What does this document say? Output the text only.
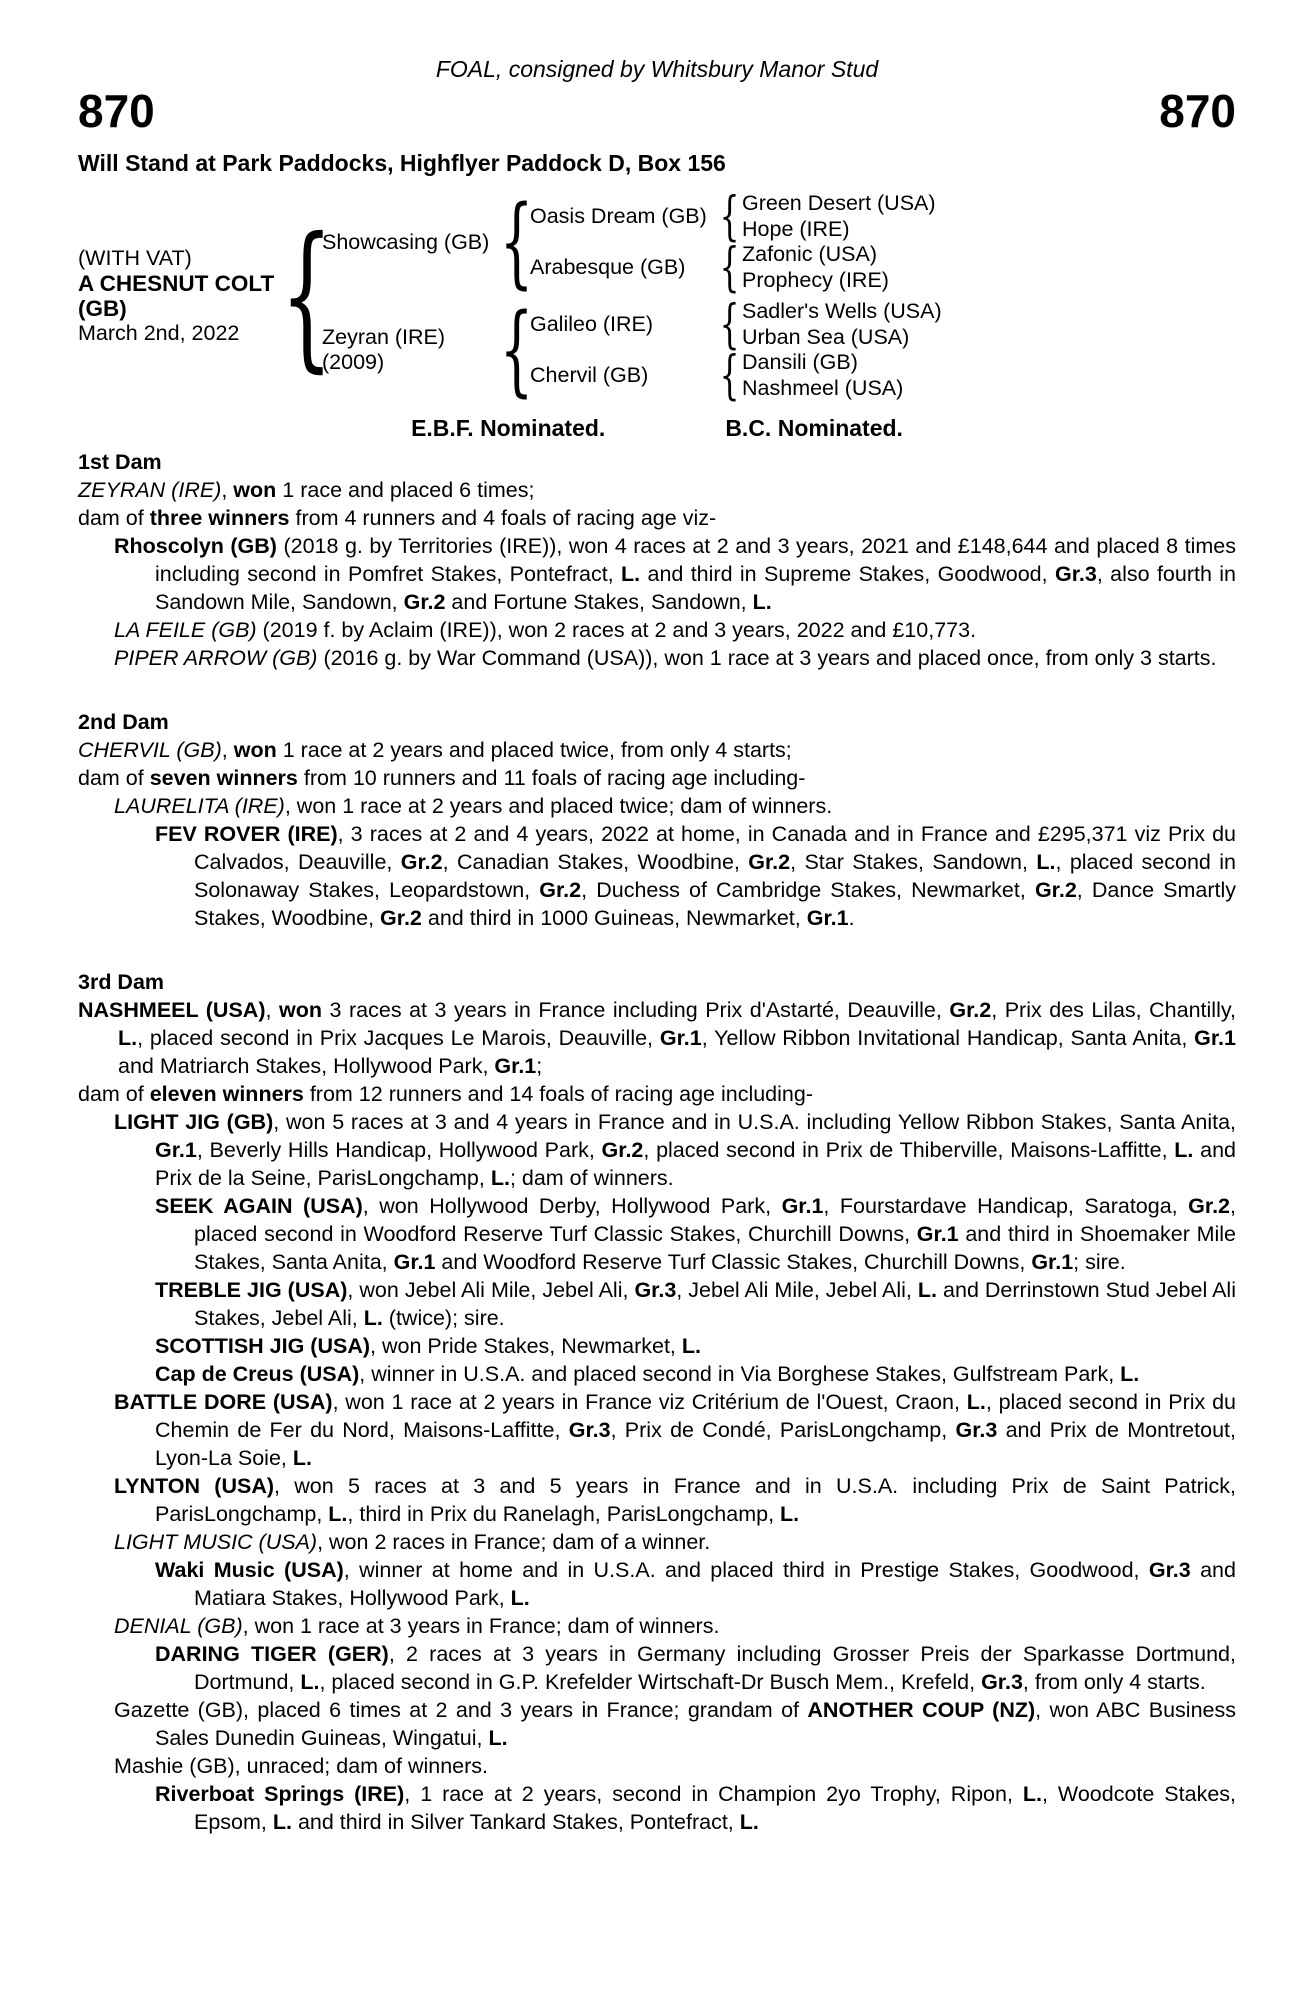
FOAL, consigned by Whitsbury Manor Stud
870	870
Will Stand at Park Paddocks, Highflyer Paddock D, Box 156
(WITH VAT)
A CHESNUT COLT
(GB)
March 2nd, 2022
{
Showcasing (GB)
{
Oasis Dream (GB)
{
Green Desert (USA)
Hope (IRE)
Arabesque (GB)
{
Zafonic (USA)
Prophecy (IRE)
Zeyran (IRE)
(2009)
{
Galileo (IRE)
{
Sadler's Wells (USA)
Urban Sea (USA)
Chervil (GB)
{
Dansili (GB)
Nashmeel (USA)
E.B.F. Nominated.	B.C. Nominated.
1st Dam

ZEYRAN (IRE), won 1 race and placed 6 times;

dam of three winners from 4 runners and 4 foals of racing age viz-

Rhoscolyn (GB) (2018 g. by Territories (IRE)), won 4 races at 2 and 3 years, 2021 and £148,644 and placed 8 times including second in Pomfret Stakes, Pontefract, L. and third in Supreme Stakes, Goodwood, Gr.3, also fourth in Sandown Mile, Sandown, Gr.2 and Fortune Stakes, Sandown, L.

LA FEILE (GB) (2019 f. by Aclaim (IRE)), won 2 races at 2 and 3 years, 2022 and £10,773.

PIPER ARROW (GB) (2016 g. by War Command (USA)), won 1 race at 3 years and placed once, from only 3 starts.

2nd Dam

CHERVIL (GB), won 1 race at 2 years and placed twice, from only 4 starts;

dam of seven winners from 10 runners and 11 foals of racing age including-

LAURELITA (IRE), won 1 race at 2 years and placed twice; dam of winners.

FEV ROVER (IRE), 3 races at 2 and 4 years, 2022 at home, in Canada and in France and £295,371 viz Prix du Calvados, Deauville, Gr.2, Canadian Stakes, Woodbine, Gr.2, Star Stakes, Sandown, L., placed second in Solonaway Stakes, Leopardstown, Gr.2, Duchess of Cambridge Stakes, Newmarket, Gr.2, Dance Smartly Stakes, Woodbine, Gr.2 and third in 1000 Guineas, Newmarket, Gr.1.

3rd Dam

NASHMEEL (USA), won 3 races at 3 years in France including Prix d'Astarté, Deauville, Gr.2, Prix des Lilas, Chantilly, L., placed second in Prix Jacques Le Marois, Deauville, Gr.1, Yellow Ribbon Invitational Handicap, Santa Anita, Gr.1 and Matriarch Stakes, Hollywood Park, Gr.1;

dam of eleven winners from 12 runners and 14 foals of racing age including-

LIGHT JIG (GB), won 5 races at 3 and 4 years in France and in U.S.A. including Yellow Ribbon Stakes, Santa Anita, Gr.1, Beverly Hills Handicap, Hollywood Park, Gr.2, placed second in Prix de Thiberville, Maisons-Laffitte, L. and Prix de la Seine, ParisLongchamp, L.; dam of winners.

SEEK AGAIN (USA), won Hollywood Derby, Hollywood Park, Gr.1, Fourstardave Handicap, Saratoga, Gr.2, placed second in Woodford Reserve Turf Classic Stakes, Churchill Downs, Gr.1 and third in Shoemaker Mile Stakes, Santa Anita, Gr.1 and Woodford Reserve Turf Classic Stakes, Churchill Downs, Gr.1; sire.

TREBLE JIG (USA), won Jebel Ali Mile, Jebel Ali, Gr.3, Jebel Ali Mile, Jebel Ali, L. and Derrinstown Stud Jebel Ali Stakes, Jebel Ali, L. (twice); sire.

SCOTTISH JIG (USA), won Pride Stakes, Newmarket, L.

Cap de Creus (USA), winner in U.S.A. and placed second in Via Borghese Stakes, Gulfstream Park, L.

BATTLE DORE (USA), won 1 race at 2 years in France viz Critérium de l'Ouest, Craon, L., placed second in Prix du Chemin de Fer du Nord, Maisons-Laffitte, Gr.3, Prix de Condé, ParisLongchamp, Gr.3 and Prix de Montretout, Lyon-La Soie, L.

LYNTON (USA), won 5 races at 3 and 5 years in France and in U.S.A. including Prix de Saint Patrick, ParisLongchamp, L., third in Prix du Ranelagh, ParisLongchamp, L.

LIGHT MUSIC (USA), won 2 races in France; dam of a winner.

Waki Music (USA), winner at home and in U.S.A. and placed third in Prestige Stakes, Goodwood, Gr.3 and Matiara Stakes, Hollywood Park, L.

DENIAL (GB), won 1 race at 3 years in France; dam of winners.

DARING TIGER (GER), 2 races at 3 years in Germany including Grosser Preis der Sparkasse Dortmund, Dortmund, L., placed second in G.P. Krefelder Wirtschaft-Dr Busch Mem., Krefeld, Gr.3, from only 4 starts.

Gazette (GB), placed 6 times at 2 and 3 years in France; grandam of ANOTHER COUP (NZ), won ABC Business Sales Dunedin Guineas, Wingatui, L.

Mashie (GB), unraced; dam of winners.

Riverboat Springs (IRE), 1 race at 2 years, second in Champion 2yo Trophy, Ripon, L., Woodcote Stakes, Epsom, L. and third in Silver Tankard Stakes, Pontefract, L.
